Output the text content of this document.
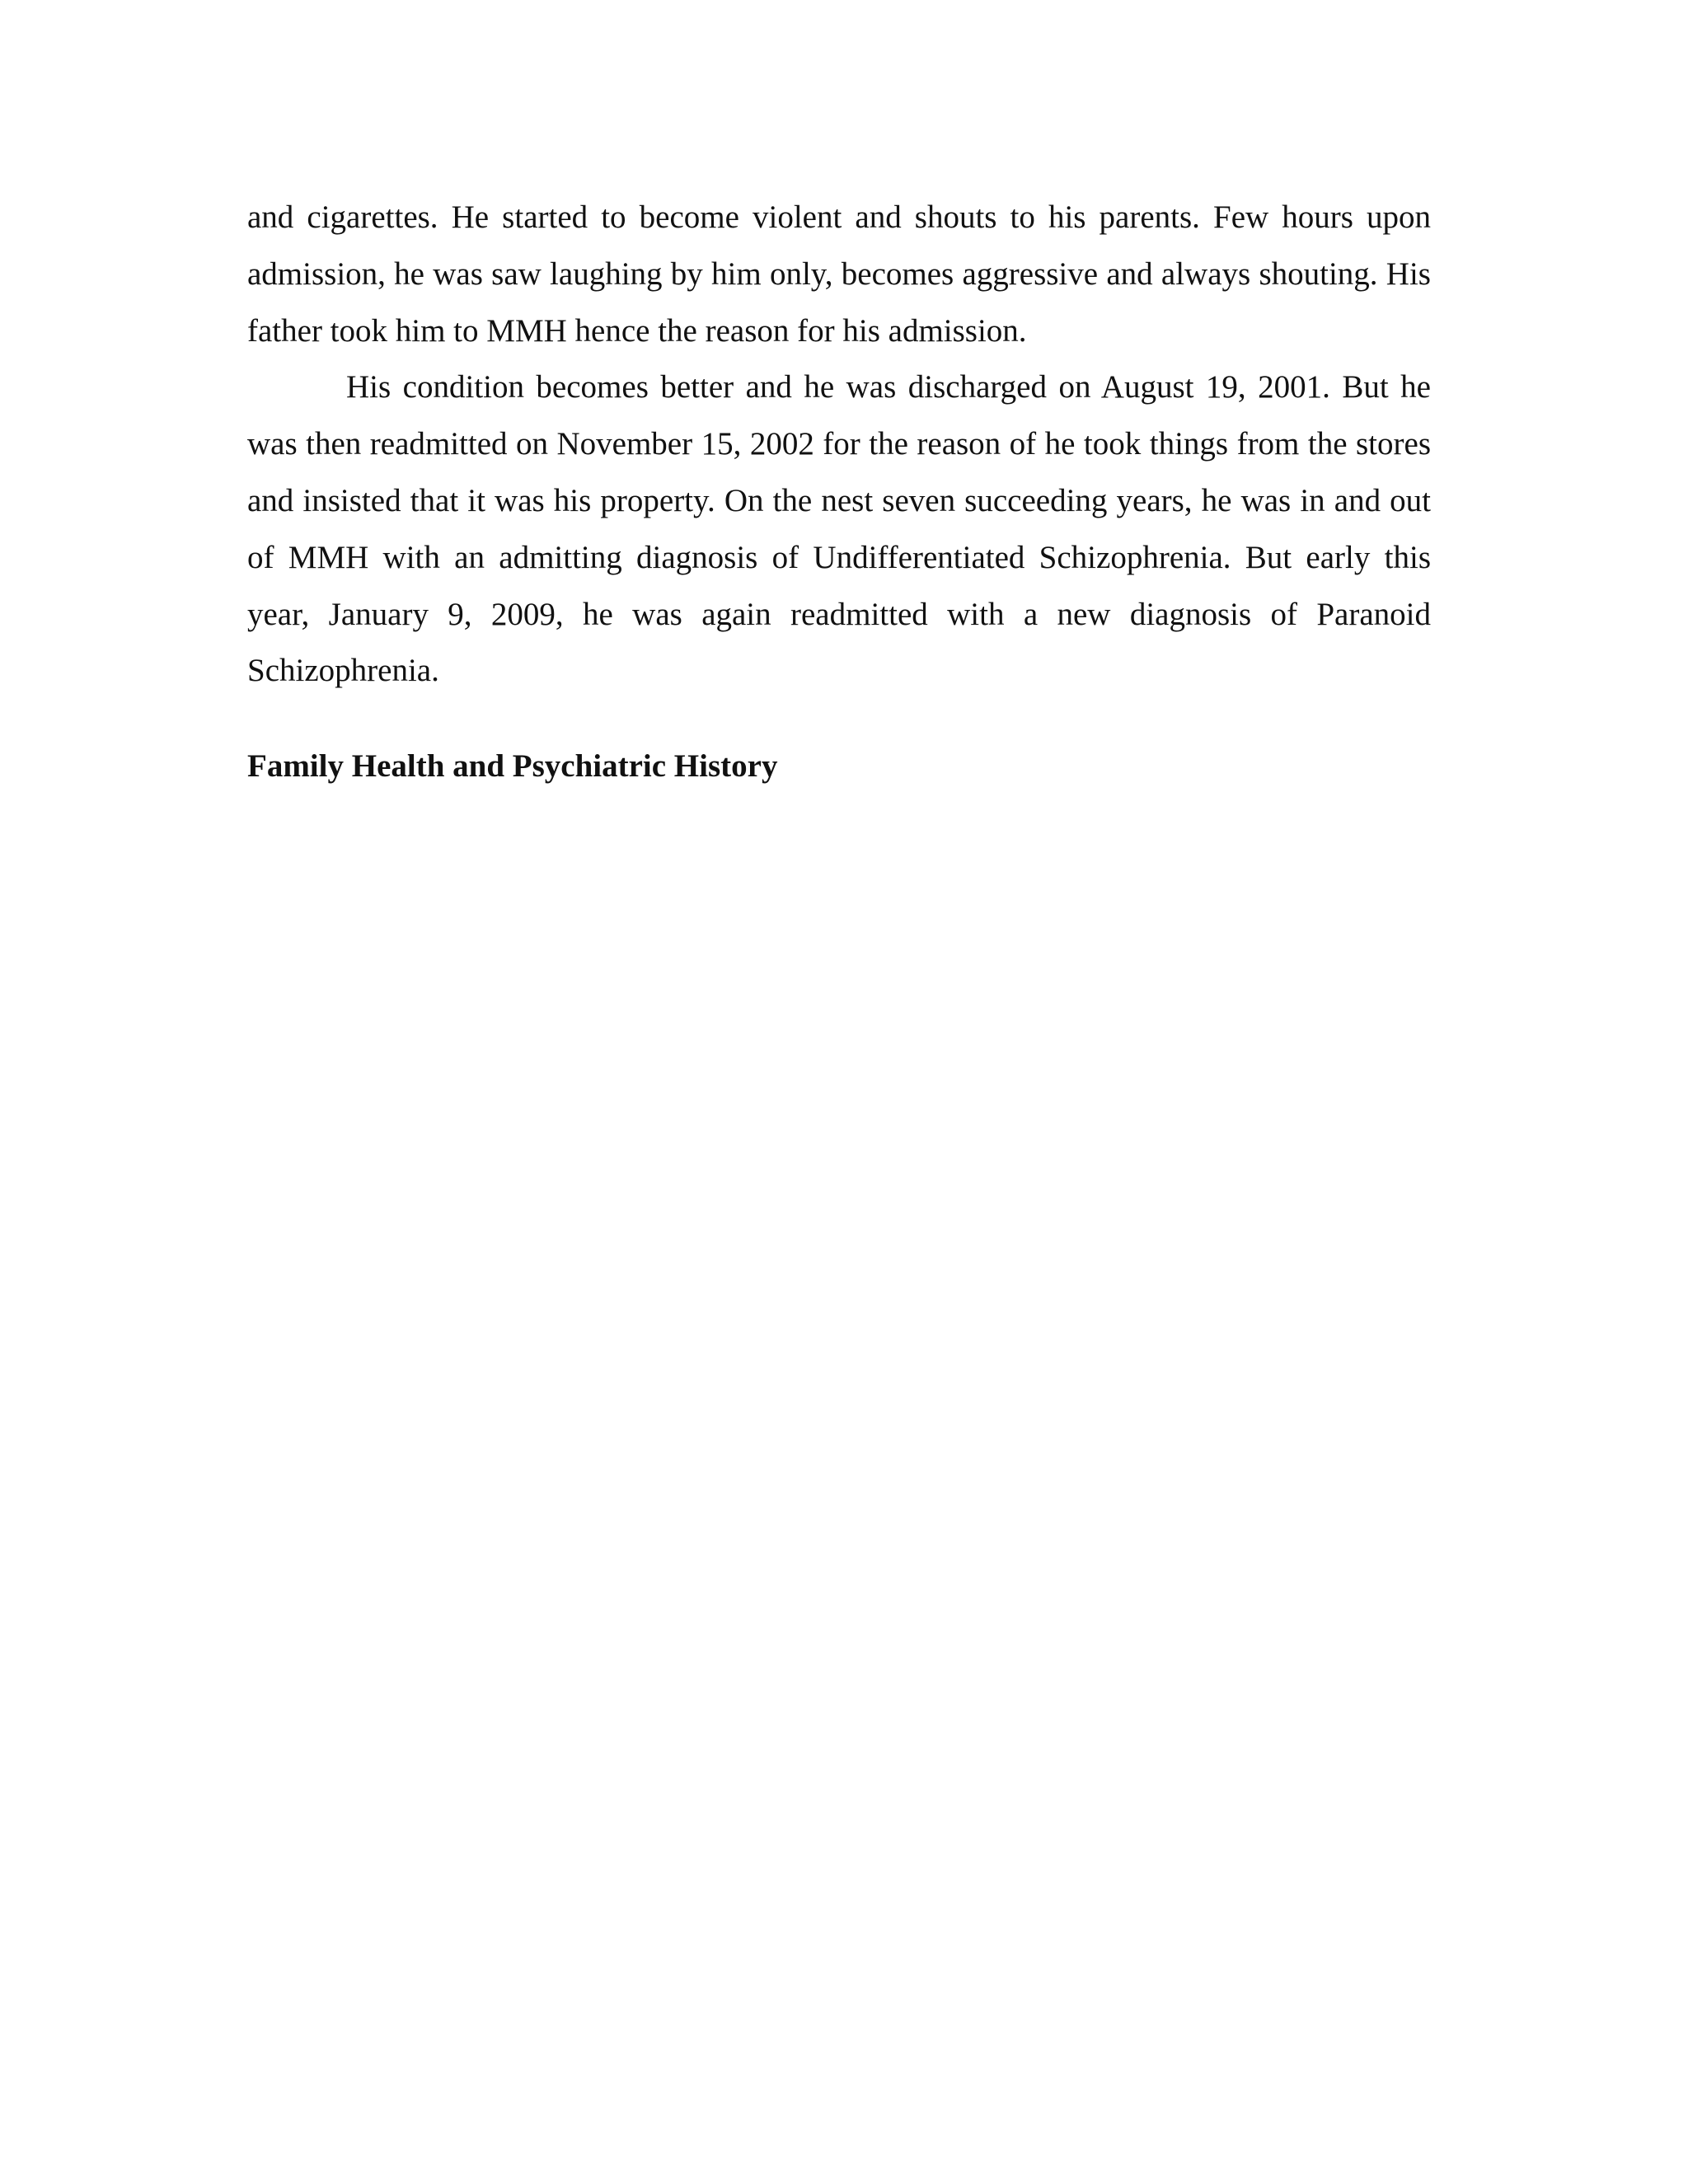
and cigarettes. He started to become violent and shouts to his parents. Few hours upon admission, he was saw laughing by him only, becomes aggressive and always shouting. His father took him to MMH hence the reason for his admission.

His condition becomes better and he was discharged on August 19, 2001. But he was then readmitted on November 15, 2002 for the reason of he took things from the stores and insisted that it was his property. On the nest seven succeeding years, he was in and out of MMH with an admitting diagnosis of Undifferentiated Schizophrenia. But early this year, January 9, 2009, he was again readmitted with a new diagnosis of Paranoid Schizophrenia.

Family Health and Psychiatric History
